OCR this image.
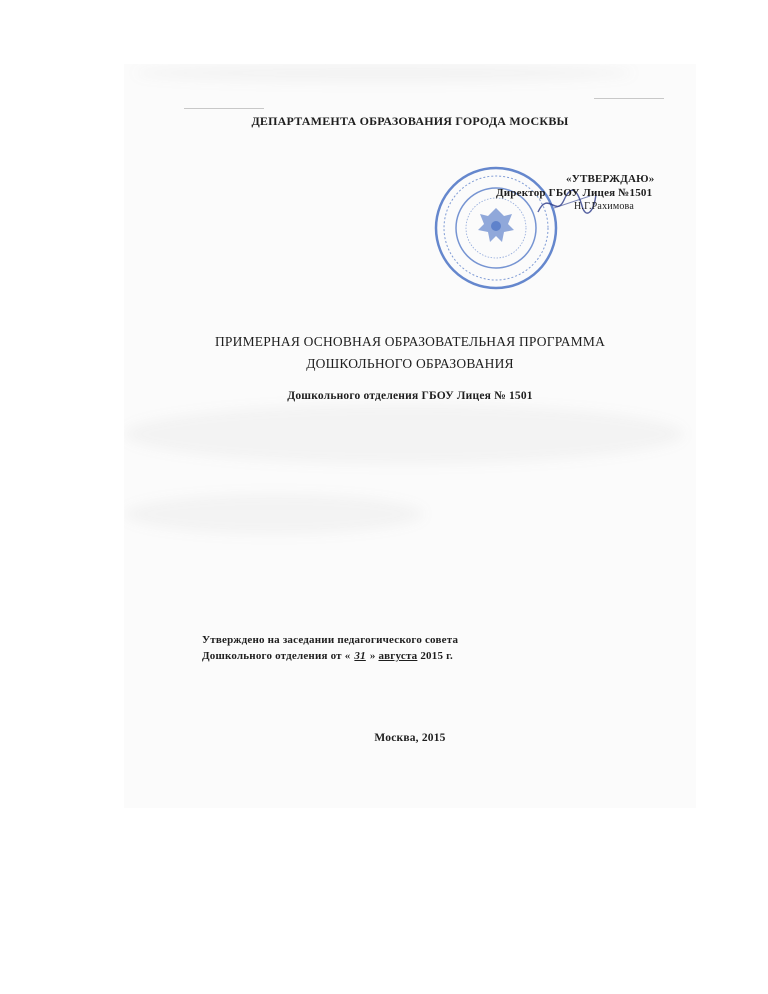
ДЕПАРТАМЕНТА ОБРАЗОВАНИЯ ГОРОДА МОСКВЫ
«УТВЕРЖДАЮ»
Директор ГБОУ Лицея №1501
Н.Г.Рахимова
ПРИМЕРНАЯ ОСНОВНАЯ ОБРАЗОВАТЕЛЬНАЯ ПРОГРАММА
ДОШКОЛЬНОГО ОБРАЗОВАНИЯ
Дошкольного отделения ГБОУ Лицея № 1501
Утверждено на заседании педагогического совета
Дошкольного отделения от « 31 » августа 2015 г.
Москва, 2015
